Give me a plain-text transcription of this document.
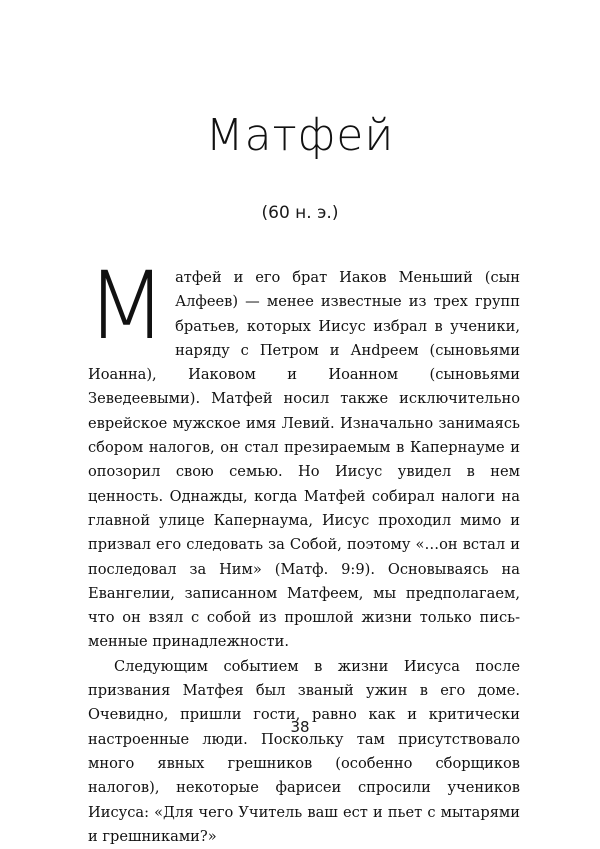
Матфей
(60 н. э.)

Матфей и его брат Иаков Меньший (сын Алфеев) — менее известные из трех групп братьев, которых Иисус избрал в ученики, наряду с Петром и Анdреем (сыновьями Иоанна), Иаковом и Иоанном (сыновьями Зеведеевыми). Матфей носил также исключительно еврейское мужское имя Левий. Изначально занимаясь сбором налогов, он стал презираемым в Капернауме и опозорил свою семью. Но Иисус увидел в нем ценность. Однажды, когда Матфей собирал налоги на главной улице Капернаума, Иисус проходил мимо и призвал его следовать за Собой, поэтому «…он встал и последовал за Ним» (Матф. 9:9). Основываясь на Евангелии, записанном Матфеем, мы предполагаем, что он взял с собой из прошлой жизни только письменные принадлежности.

Следующим событием в жизни Иисуса после призвания Матфея был званый ужин в его доме. Очевидно, пришли гости, равно как и критически настроенные люди. Поскольку там присутствовало много явных грешников (особенно сборщиков налогов), некоторые фарисеи спросили учеников Иисуса: «Для чего Учитель ваш ест и пьет с мытарями и грешниками?»

38
